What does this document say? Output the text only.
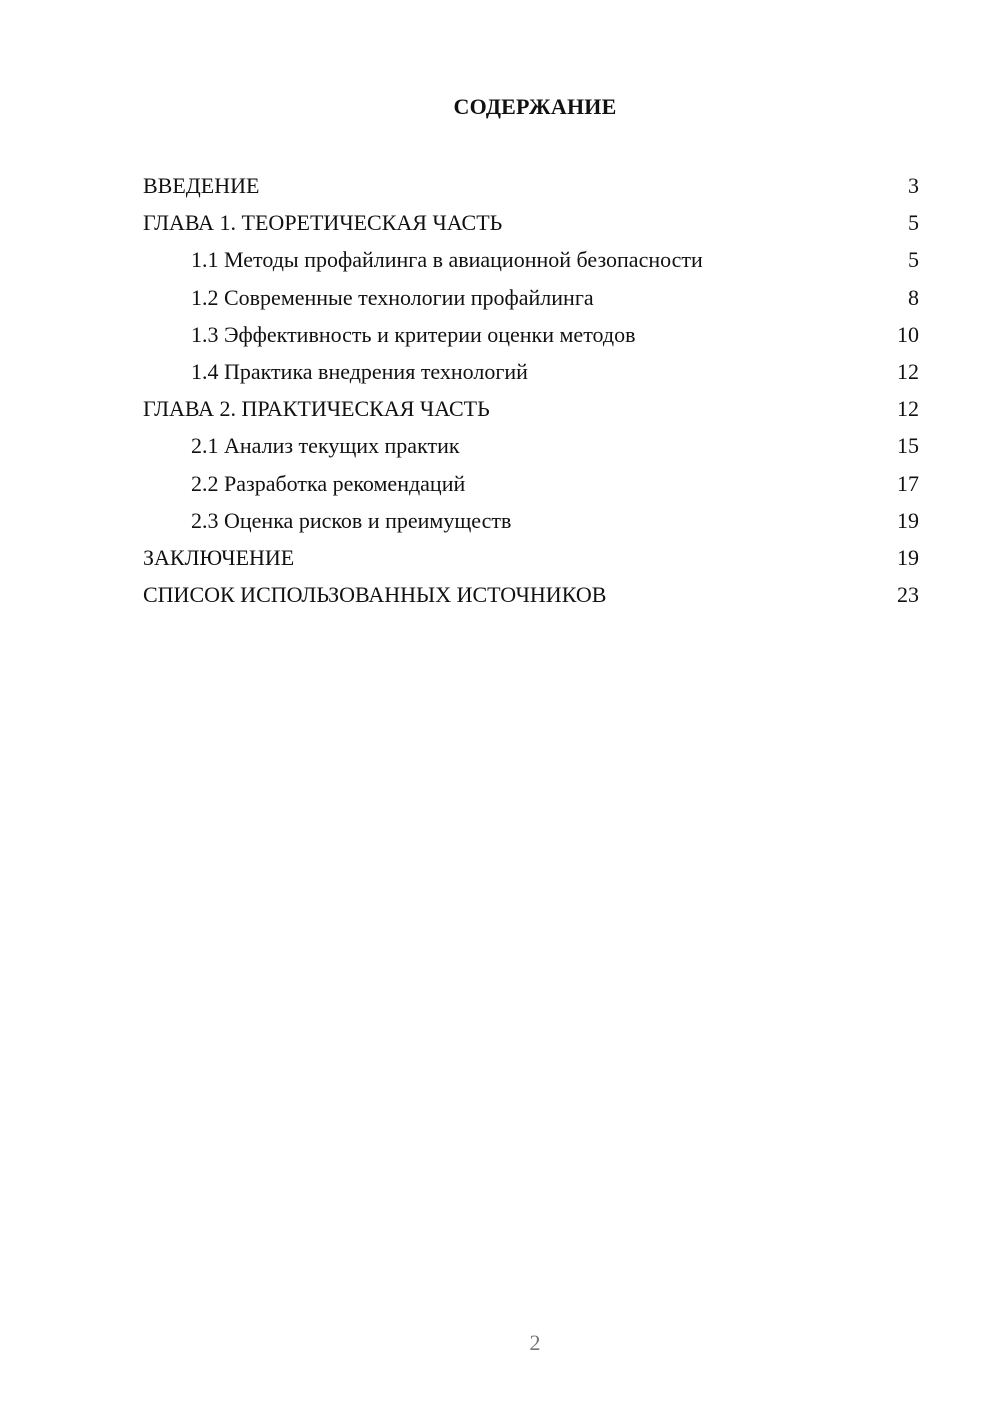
СОДЕРЖАНИЕ
ВВЕДЕНИЕ	3
ГЛАВА 1. ТЕОРЕТИЧЕСКАЯ ЧАСТЬ	5
1.1 Методы профайлинга в авиационной безопасности	5
1.2 Современные технологии профайлинга	8
1.3 Эффективность и критерии оценки методов	10
1.4 Практика внедрения технологий	12
ГЛАВА 2. ПРАКТИЧЕСКАЯ ЧАСТЬ	12
2.1 Анализ текущих практик	15
2.2 Разработка рекомендаций	17
2.3 Оценка рисков и преимуществ	19
ЗАКЛЮЧЕНИЕ	19
СПИСОК ИСПОЛЬЗОВАННЫХ ИСТОЧНИКОВ	23
2
